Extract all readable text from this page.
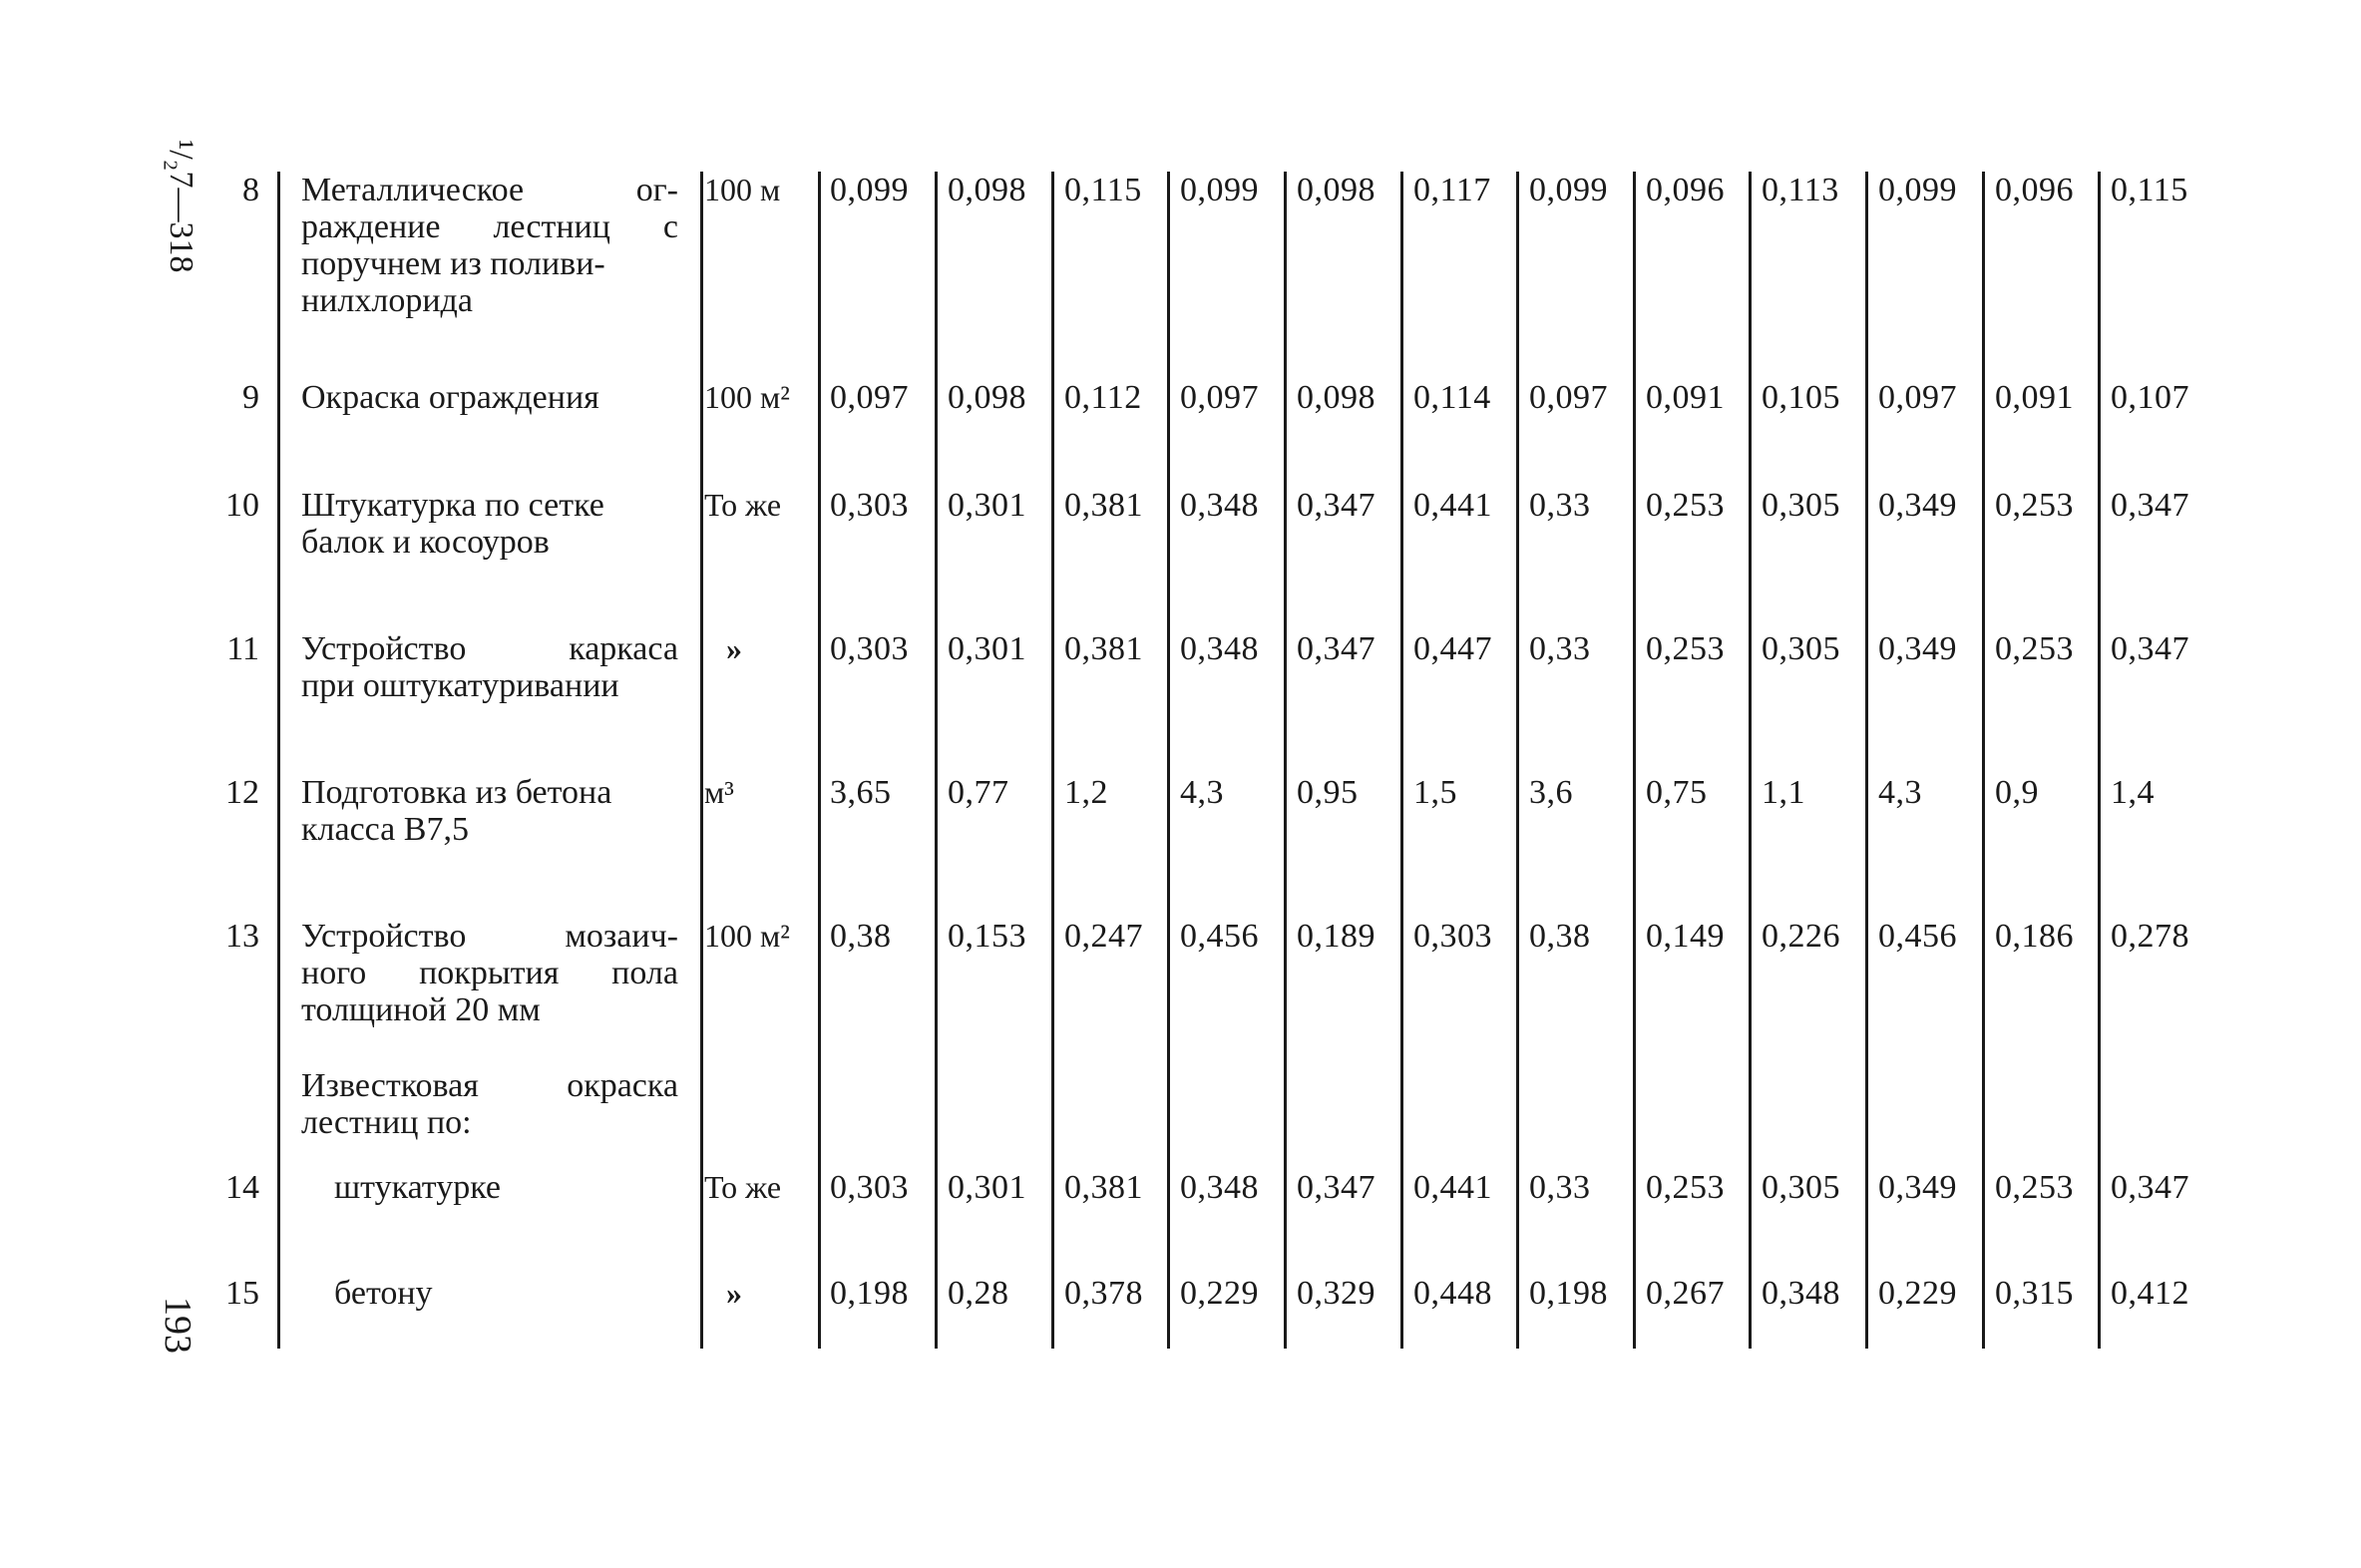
¹/₂7—318
193
8 Металлическое ог-
раждение лестниц с
поручнем из поливи-
нилхлорида
100 м	0,099 0,098 0,115 0,099 0,098 0,117 0,099 0,096 0,113 0,099 0,096 0,115
9 Окраска ограждения	100 м²	0,097 0,098 0,112 0,097 0,098 0,114 0,097 0,091 0,105 0,097 0,091 0,107
10 Штукатурка по сетке
балок и косоуров
То же	0,303 0,301 0,381 0,348 0,347 0,441 0,33 0,253 0,305 0,349 0,253 0,347
11 Устройство каркаса
при оштукатуривании
»	0,303 0,301 0,381 0,348 0,347 0,447 0,33 0,253 0,305 0,349 0,253 0,347
12 Подготовка из бетона
класса В7,5
м³	3,65 0,77 1,2 4,3 0,95 1,5 3,6 0,75 1,1 4,3 0,9 1,4
13 Устройство мозаич-
ного покрытия пола
толщиной 20 мм
100 м²	0,38 0,153 0,247 0,456 0,189 0,303 0,38 0,149 0,226 0,456 0,186 0,278
Известковая окраска
лестниц по:
14 штукатурке	То же	0,303 0,301 0,381 0,348 0,347 0,441 0,33 0,253 0,305 0,349 0,253 0,347
15 бетону	»	0,198 0,28 0,378 0,229 0,329 0,448 0,198 0,267 0,348 0,229 0,315 0,412
